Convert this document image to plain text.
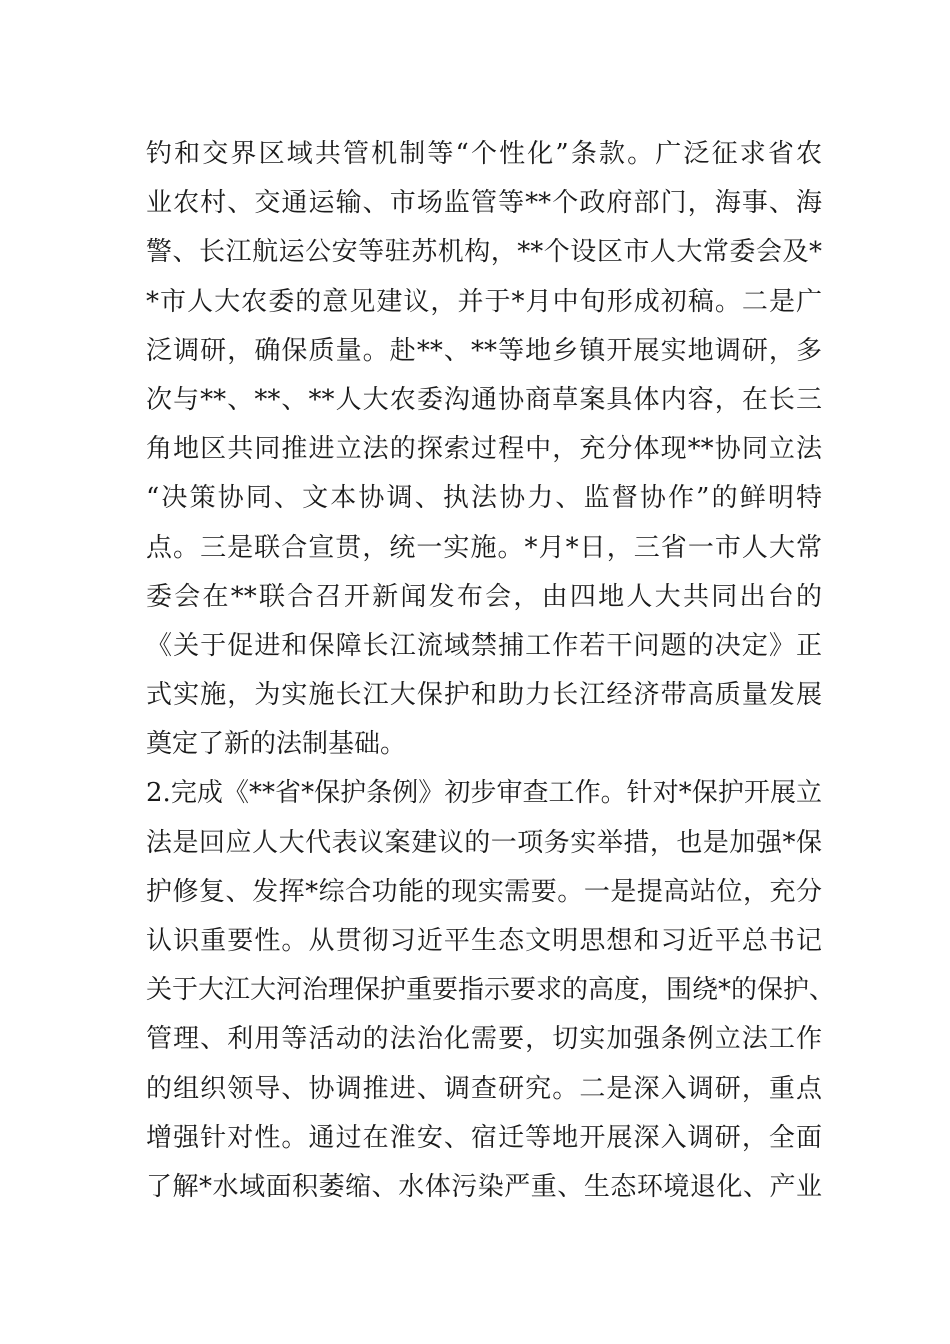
钓和交界区域共管机制等“个性化”条款。广泛征求省农
业农村、交通运输、市场监管等**个政府部门，海事、海
警、长江航运公安等驻苏机构，**个设区市人大常委会及*
*市人大农委的意见建议，并于*月中旬形成初稿。二是广
泛调研，确保质量。赴**、**等地乡镇开展实地调研，多
次与**、**、**人大农委沟通协商草案具体内容，在长三
角地区共同推进立法的探索过程中，充分体现**协同立法
“决策协同、文本协调、执法协力、监督协作”的鲜明特
点。三是联合宣贯，统一实施。*月*日，三省一市人大常
委会在**联合召开新闻发布会，由四地人大共同出台的
《关于促进和保障长江流域禁捕工作若干问题的决定》正
式实施，为实施长江大保护和助力长江经济带高质量发展
奠定了新的法制基础。
2.完成《**省*保护条例》初步审查工作。针对*保护开展立
法是回应人大代表议案建议的一项务实举措，也是加强*保
护修复、发挥*综合功能的现实需要。一是提高站位，充分
认识重要性。从贯彻习近平生态文明思想和习近平总书记
关于大江大河治理保护重要指示要求的高度，围绕*的保护、
管理、利用等活动的法治化需要，切实加强条例立法工作
的组织领导、协调推进、调查研究。二是深入调研，重点
增强针对性。通过在淮安、宿迁等地开展深入调研，全面
了解*水域面积萎缩、水体污染严重、生态环境退化、产业
